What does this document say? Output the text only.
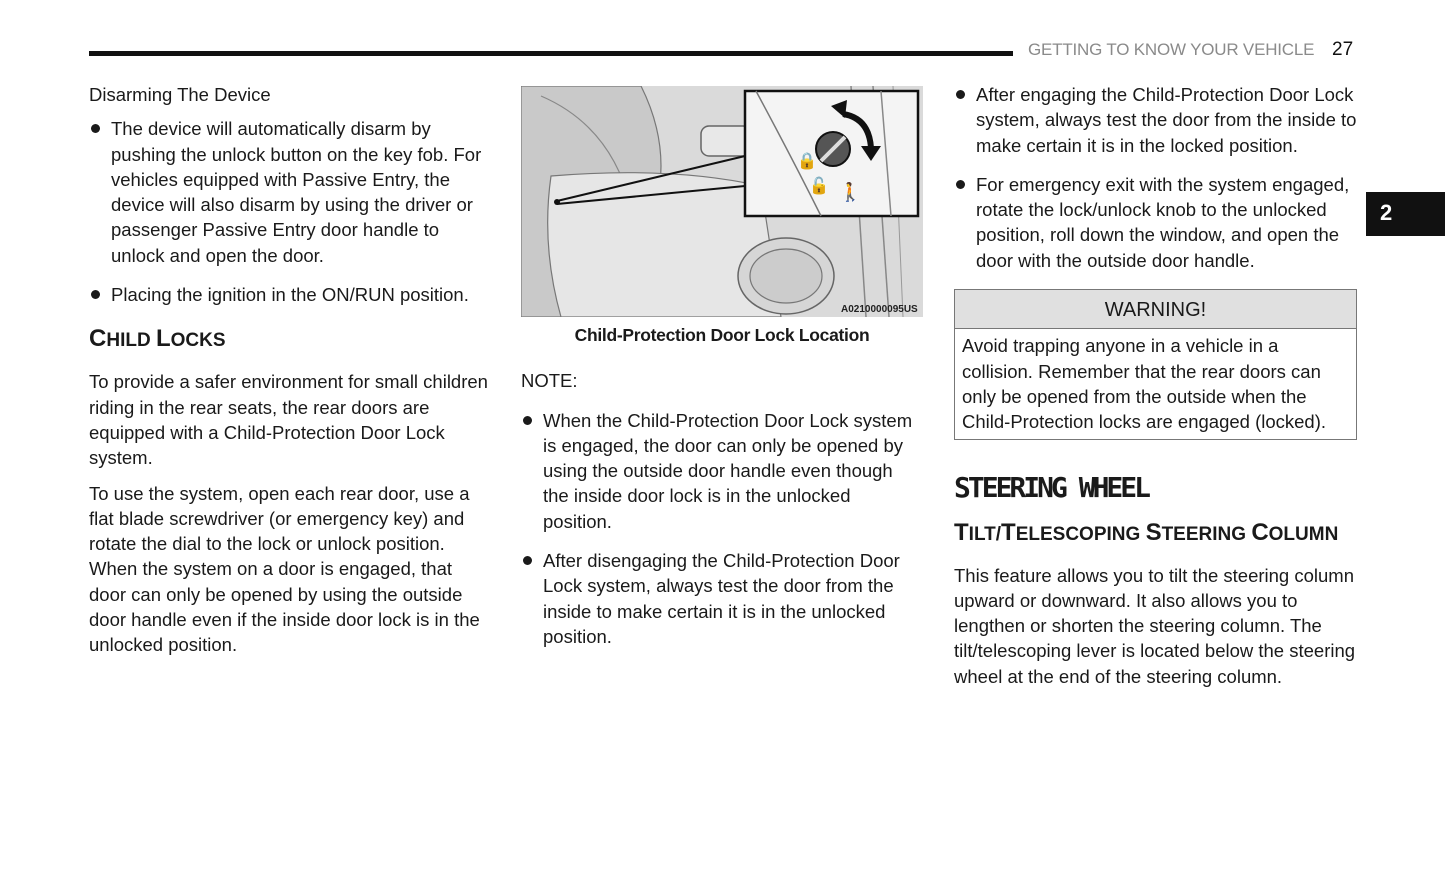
GETTING TO KNOW YOUR VEHICLE 27
2
Disarming The Device
The device will automatically disarm by pushing the unlock button on the key fob. For vehicles equipped with Passive Entry, the device will also disarm by using the driver or passenger Passive Entry door handle to unlock and open the door.
Placing the ignition in the ON/RUN position.
CHILD LOCKS

To provide a safer environment for small children riding in the rear seats, the rear doors are equipped with a Child-Protection Door Lock system.

To use the system, open each rear door, use a flat blade screwdriver (or emergency key) and rotate the dial to the lock or unlock position. When the system on a door is engaged, that door can only be opened by using the outside door handle even if the inside door lock is in the unlocked position.

🔒
🔓 🚶
A0210000095US
Child-Protection Door Lock Location
NOTE:
When the Child-Protection Door Lock system is engaged, the door can only be opened by using the outside door handle even though the inside door lock is in the unlocked position.
After disengaging the Child-Protection Door Lock system, always test the door from the inside to make certain it is in the unlocked position.
After engaging the Child-Protection Door Lock system, always test the door from the inside to make certain it is in the locked position.
For emergency exit with the system engaged, rotate the lock/unlock knob to the unlocked position, roll down the window, and open the door with the outside door handle.
WARNING!
Avoid trapping anyone in a vehicle in a collision. Remember that the rear doors can only be opened from the outside when the Child-Protection locks are engaged (locked).
STEERING WHEEL
TILT/TELESCOPING STEERING COLUMN

This feature allows you to tilt the steering column upward or downward. It also allows you to lengthen or shorten the steering column. The tilt/telescoping lever is located below the steering wheel at the end of the steering column.
